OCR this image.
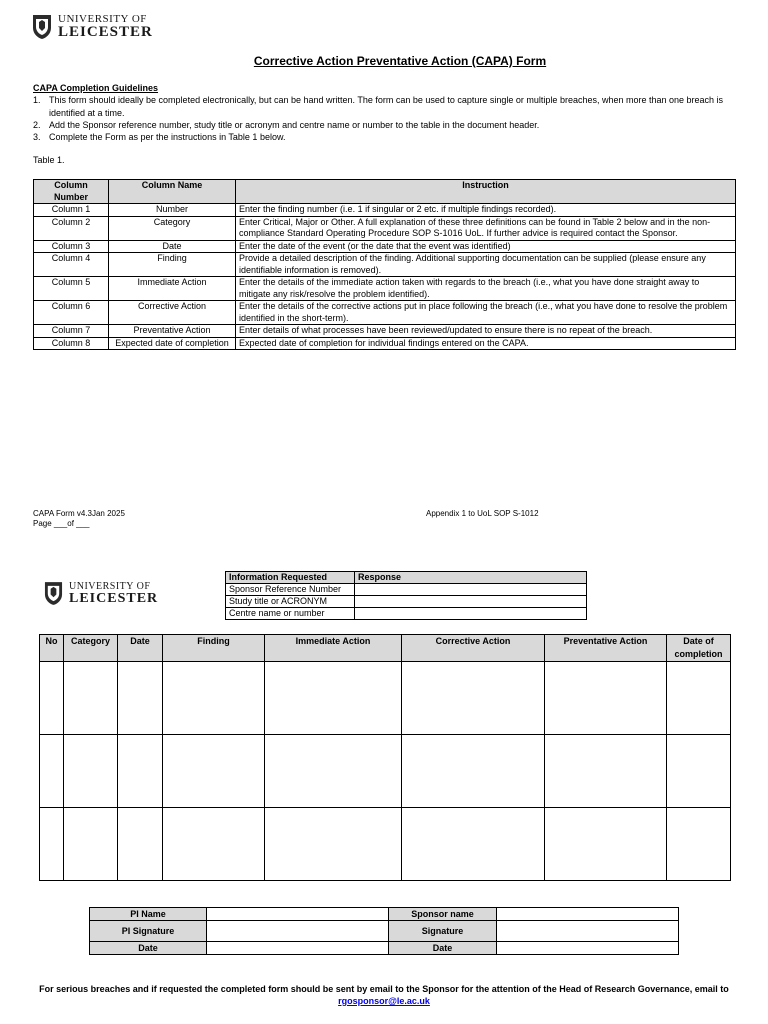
UNIVERSITY OF
LEICESTER
Corrective Action Preventative Action (CAPA) Form
CAPA Completion Guidelines
1. This form should ideally be completed electronically, but can be hand written. The form can be used to capture single or multiple breaches, when more than one breach is identified at a time.
2. Add the Sponsor reference number, study title or acronym and centre name or number to the table in the document header.
3. Complete the Form as per the instructions in Table 1 below.
Table 1.
Column Number	Column Name	Instruction
Column 1	Number	Enter the finding number (i.e. 1 if singular or 2 etc. if multiple findings recorded).
Column 2	Category	Enter Critical, Major or Other. A full explanation of these three definitions can be found in Table 2 below and in the non-compliance Standard Operating Procedure SOP S-1016 UoL. If further advice is required contact the Sponsor.
Column 3	Date	Enter the date of the event (or the date that the event was identified)
Column 4	Finding	Provide a detailed description of the finding. Additional supporting documentation can be supplied (please ensure any identifiable information is removed).
Column 5	Immediate Action	Enter the details of the immediate action taken with regards to the breach (i.e., what you have done straight away to mitigate any risk/resolve the problem identified).
Column 6	Corrective Action	Enter the details of the corrective actions put in place following the breach (i.e., what you have done to resolve the problem identified in the short-term).
Column 7	Preventative Action	Enter details of what processes have been reviewed/updated to ensure there is no repeat of the breach.
Column 8	Expected date of completion	Expected date of completion for individual findings entered on the CAPA.
CAPA Form v4.3Jan 2025
Page ___of ___
Appendix 1 to UoL SOP S-1012
UNIVERSITY OF
LEICESTER
Information Requested	Response
Sponsor Reference Number	
Study title or ACRONYM	
Centre name or number	
No	Category	Date	Finding	Immediate Action	Corrective Action	Preventative Action	Date of completion

PI Name		Sponsor name	
PI Signature		Signature	
Date		Date	
For serious breaches and if requested the completed form should be sent by email to the Sponsor for the attention of the Head of Research Governance, email to
rgosponsor@le.ac.uk
